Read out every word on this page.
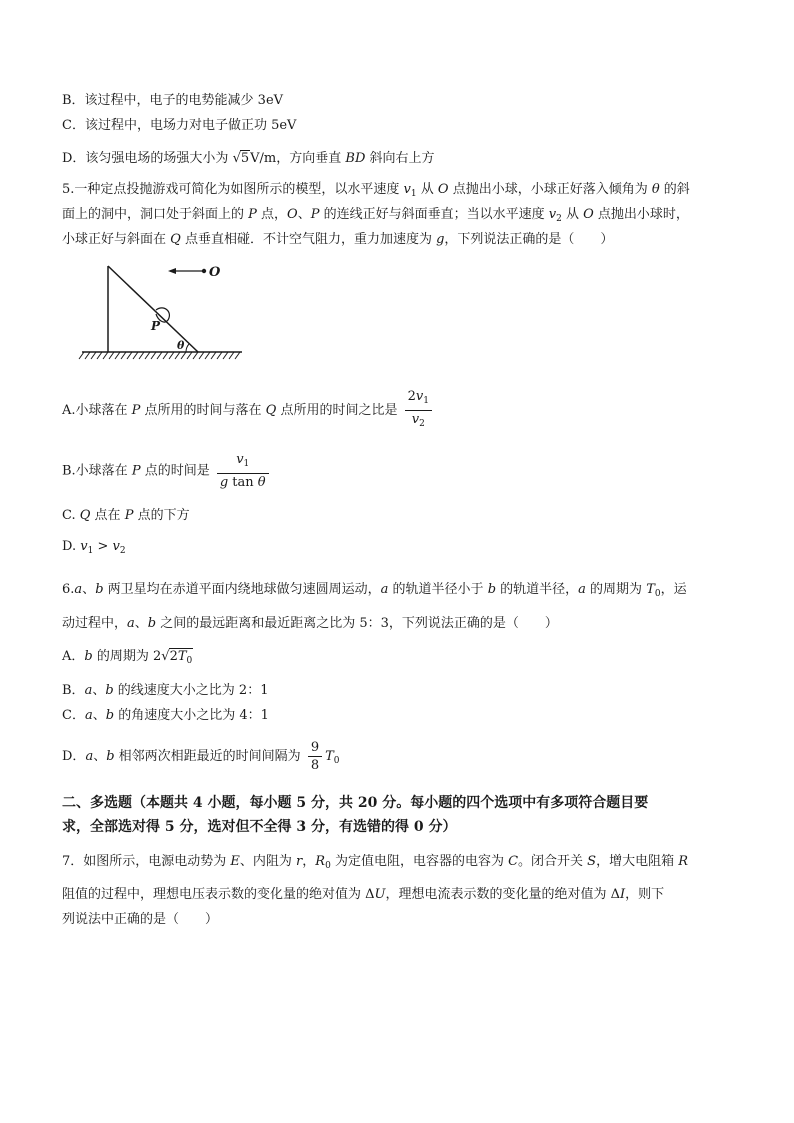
B．该过程中，电子的电势能减少 3eV
C．该过程中，电场力对电子做正功 5eV
D．该匀强电场的场强大小为 √5V/m，方向垂直 BD 斜向右上方
5.一种定点投抛游戏可简化为如图所示的模型，以水平速度 $v_1$ 从 O 点抛出小球，小球正好落入倾角为 θ 的斜
面上的洞中，洞口处于斜面上的 P 点，O、P 的连线正好与斜面垂直；当以水平速度 $v_2$ 从 O 点抛出小球时，
小球正好与斜面在 Q 点垂直相碰．不计空气阻力，重力加速度为 g，下列说法正确的是（　　）
O
P
θ
A.小球落在 P 点所用的时间与落在 Q 点所用的时间之比是 $\frac{2v_1}{v_2}$
B.小球落在 P 点的时间是 $\frac{v_1}{\text{g tan θ}}$
C. Q 点在 P 点的下方
D. $v_1 > v_2$
6.a、b 两卫星均在赤道平面内绕地球做匀速圆周运动，a 的轨道半径小于 b 的轨道半径，a 的周期为 $T_0$，运
动过程中，a、b 之间的最远距离和最近距离之比为 5：3，下列说法正确的是（　　）
A．b 的周期为 $2√2T_0$
B．a、b 的线速度大小之比为 2：1
C．a、b 的角速度大小之比为 4：1
D．a、b 相邻两次相距最近的时间间隔为 $\frac{9}{8} T_0$
二、多选题（本题共 4 小题，每小题 5 分，共 20 分。每小题的四个选项中有多项符合题目要
求，全部选对得 5 分，选对但不全得 3 分，有选错的得 0 分）
7．如图所示，电源电动势为 E、内阻为 r，$R_0$ 为定值电阻，电容器的电容为 C。闭合开关 S，增大电阻箱 R
阻值的过程中，理想电压表示数的变化量的绝对值为 ΔU，理想电流表示数的变化量的绝对值为 ΔI，则下
列说法中正确的是（　　）
